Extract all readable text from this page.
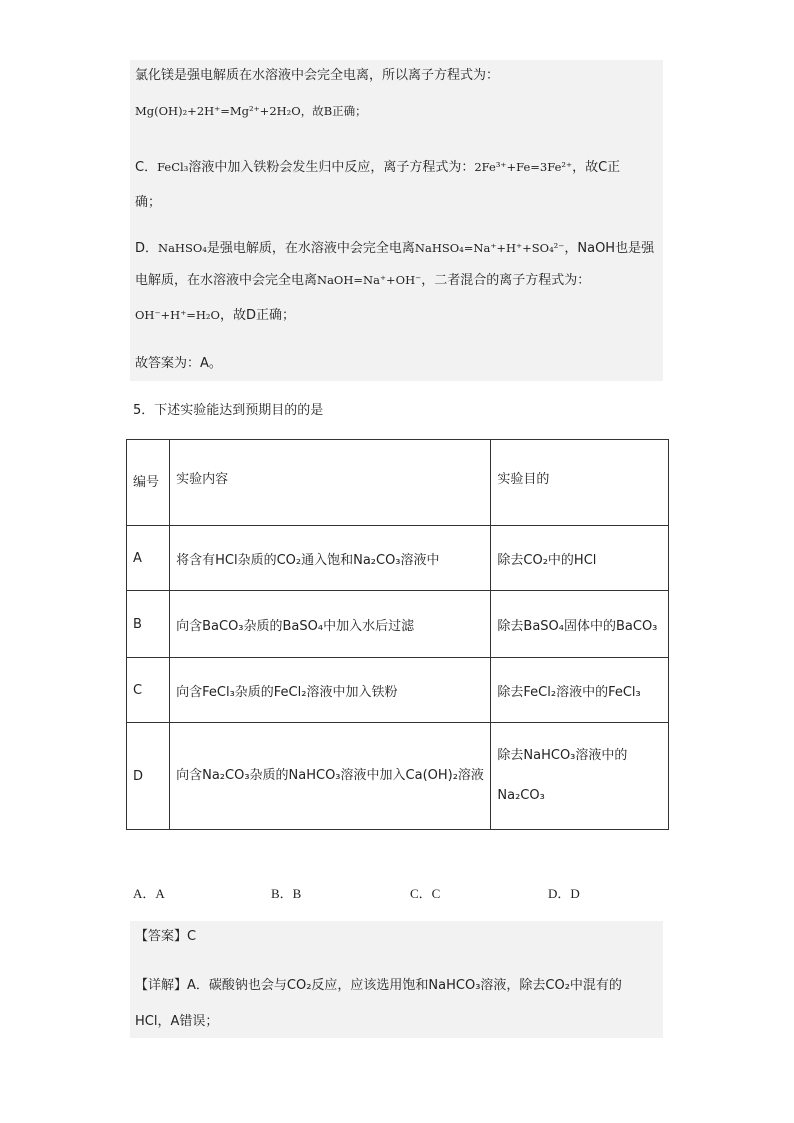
氯化镁是强电解质在水溶液中会完全电离，所以离子方程式为：
Mg(OH)₂+2H⁺=Mg²⁺+2H₂O，故B正确；
C．FeCl₃溶液中加入铁粉会发生归中反应，离子方程式为：2Fe³⁺+Fe=3Fe²⁺，故C正
确；
D．NaHSO₄是强电解质，在水溶液中会完全电离NaHSO₄=Na⁺+H⁺+SO₄²⁻，NaOH也是强
电解质，在水溶液中会完全电离NaOH=Na⁺+OH⁻，二者混合的离子方程式为：
OH⁻+H⁺=H₂O，故D正确；
故答案为：A。
5．下述实验能达到预期目的的是
编号	实验内容	实验目的
A	将含有HCl杂质的CO₂通入饱和Na₂CO₃溶液中	除去CO₂中的HCl
B	向含BaCO₃杂质的BaSO₄中加入水后过滤	除去BaSO₄固体中的BaCO₃
C	向含FeCl₃杂质的FeCl₂溶液中加入铁粉	除去FeCl₂溶液中的FeCl₃
D	向含Na₂CO₃杂质的NaHCO₃溶液中加入Ca(OH)₂溶液	除去NaHCO₃溶液中的Na₂CO₃
A．A	B．B	C．C	D．D
【答案】C
【详解】A．碳酸钠也会与CO₂反应，应该选用饱和NaHCO₃溶液，除去CO₂中混有的
HCl，A错误；
